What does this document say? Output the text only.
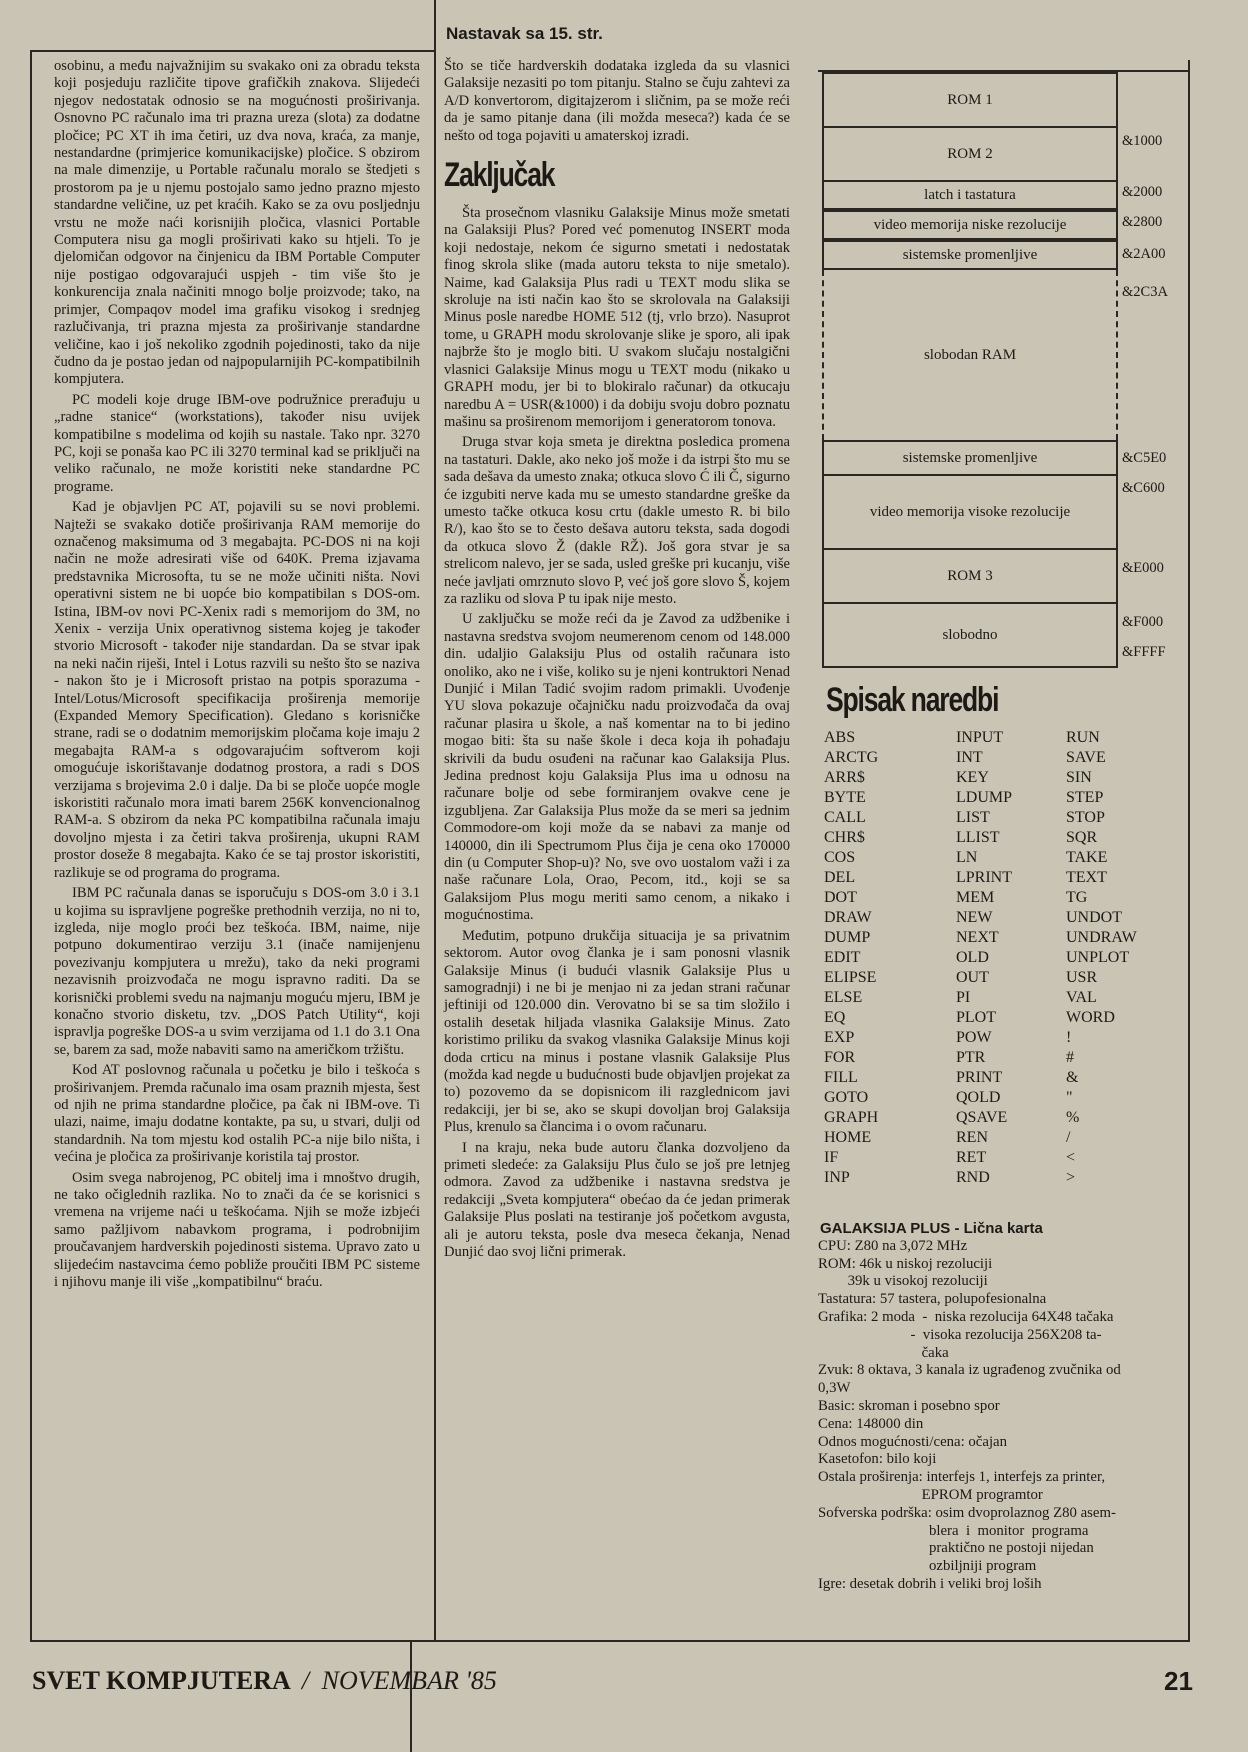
Nastavak sa 15. str.

osobinu, a među najvažnijim su svakako oni za obradu teksta koji posjeduju različite tipove grafičkih znakova. Slijedeći njegov nedostatak odnosio se na mogućnosti proširivanja. Osnovno PC računalo ima tri prazna ureza (slota) za dodatne pločice; PC XT ih ima četiri, uz dva nova, kraća, za manje, nestandardne (primjerice komunikacijske) pločice. S obzirom na male dimenzije, u Portable računalu moralo se štedjeti s prostorom pa je u njemu postojalo samo jedno prazno mjesto standardne veličine, uz pet kraćih. Kako se za ovu posljednju vrstu ne može naći korisnijih pločica, vlasnici Portable Computera nisu ga mogli proširivati kako su htjeli. To je djelomičan odgovor na činjenicu da IBM Portable Computer nije postigao odgovarajući uspjeh - tim više što je konkurencija znala načiniti mnogo bolje proizvode; tako, na primjer, Compaqov model ima grafiku visokog i srednjeg razlučivanja, tri prazna mjesta za proširivanje standardne veličine, kao i još nekoliko zgodnih pojedinosti, tako da nije čudno da je postao jedan od najpopularnijih PC-kompatibilnih kompjutera.

PC modeli koje druge IBM-ove podružnice prerađuju u „radne stanice“ (workstations), također nisu uvijek kompatibilne s modelima od kojih su nastale. Tako npr. 3270 PC, koji se ponaša kao PC ili 3270 terminal kad se priključi na veliko računalo, ne može koristiti neke standardne PC programe.

Kad je objavljen PC AT, pojavili su se novi problemi. Najteži se svakako dotiče proširivanja RAM memorije do označenog maksimuma od 3 megabajta. PC-DOS ni na koji način ne može adresirati više od 640K. Prema izjavama predstavnika Microsofta, tu se ne može učiniti ništa. Novi operativni sistem ne bi uopće bio kompatibilan s DOS-om. Istina, IBM-ov novi PC-Xenix radi s memorijom do 3M, no Xenix - verzija Unix operativnog sistema kojeg je također stvorio Microsoft - također nije standardan. Da se stvar ipak na neki način riješi, Intel i Lotus razvili su nešto što se naziva - nakon što je i Microsoft pristao na potpis sporazuma - Intel/Lotus/Microsoft specifikacija proširenja memorije (Expanded Memory Specification). Gledano s korisničke strane, radi se o dodatnim memorijskim pločama koje imaju 2 megabajta RAM-a s odgovarajućim softverom koji omogućuje iskorištavanje dodatnog prostora, a radi s DOS verzijama s brojevima 2.0 i dalje. Da bi se ploče uopće mogle iskoristiti računalo mora imati barem 256K konvencionalnog RAM-a. S obzirom da neka PC kompatibilna računala imaju dovoljno mjesta i za četiri takva proširenja, ukupni RAM prostor doseže 8 megabajta. Kako će se taj prostor iskoristiti, razlikuje se od programa do programa.

IBM PC računala danas se isporučuju s DOS-om 3.0 i 3.1 u kojima su ispravljene pogreške prethodnih verzija, no ni to, izgleda, nije moglo proći bez teškoća. IBM, naime, nije potpuno dokumentirao verziju 3.1 (inače namijenjenu povezivanju kompjutera u mrežu), tako da neki programi nezavisnih proizvođača ne mogu ispravno raditi. Da se korisnički problemi svedu na najmanju moguću mjeru, IBM je konačno stvorio disketu, tzv. „DOS Patch Utility“, koji ispravlja pogreške DOS-a u svim verzijama od 1.1 do 3.1 Ona se, barem za sad, može nabaviti samo na američkom tržištu.

Kod AT poslovnog računala u početku je bilo i teškoća s proširivanjem. Premda računalo ima osam praznih mjesta, šest od njih ne prima standardne pločice, pa čak ni IBM-ove. Ti ulazi, naime, imaju dodatne kontakte, pa su, u stvari, dulji od standardnih. Na tom mjestu kod ostalih PC-a nije bilo ništa, i većina je pločica za proširivanje koristila taj prostor.

Osim svega nabrojenog, PC obitelj ima i mnoštvo drugih, ne tako očiglednih razlika. No to znači da će se korisnici s vremena na vrijeme naći u teškoćama. Njih se može izbjeći samo pažljivom nabavkom programa, i podrobnijim proučavanjem hardverskih pojedinosti sistema. Upravo zato u slijedećim nastavcima ćemo pobliže proučiti IBM PC sisteme i njihovu manje ili više „kompatibilnu“ braću.

Što se tiče hardverskih dodataka izgleda da su vlasnici Galaksije nezasiti po tom pitanju. Stalno se čuju zahtevi za A/D konvertorom, digitajzerom i sličnim, pa se može reći da je samo pitanje dana (ili možda meseca?) kada će se nešto od toga pojaviti u amaterskoj izradi.

Zaključak

Šta prosečnom vlasniku Galaksije Minus može smetati na Galaksiji Plus? Pored već pomenutog INSERT moda koji nedostaje, nekom će sigurno smetati i nedostatak finog skrola slike (mada autoru teksta to nije smetalo). Naime, kad Galaksija Plus radi u TEXT modu slika se skroluje na isti način kao što se skrolovala na Galaksiji Minus posle naredbe HOME 512 (tj, vrlo brzo). Nasuprot tome, u GRAPH modu skrolovanje slike je sporo, ali ipak najbrže što je moglo biti. U svakom slučaju nostalgični vlasnici Galaksije Minus mogu u TEXT modu (nikako u GRAPH modu, jer bi to blokiralo računar) da otkucaju naredbu A = USR(&1000) i da dobiju svoju dobro poznatu mašinu sa proširenom memorijom i generatorom tonova.

Druga stvar koja smeta je direktna posledica promena na tastaturi. Dakle, ako neko još može i da istrpi što mu se sada dešava da umesto znaka; otkuca slovo Ć ili Č, sigurno će izgubiti nerve kada mu se umesto standardne greške da umesto tačke otkuca kosu crtu (dakle umesto R. bi bilo R/), kao što se to često dešava autoru teksta, sada dogodi da otkuca slovo Ž (dakle RŽ). Još gora stvar je sa strelicom nalevo, jer se sada, usled greške pri kucanju, više neće javljati omrznuto slovo P, već još gore slovo Š, kojem za razliku od slova P tu ipak nije mesto.

U zaključku se može reći da je Zavod za udžbenike i nastavna sredstva svojom neumerenom cenom od 148.000 din. udaljio Galaksiju Plus od ostalih računara isto onoliko, ako ne i više, koliko su je njeni kontruktori Nenad Dunjić i Milan Tadić svojim radom primakli. Uvođenje YU slova pokazuje očajničku nadu proizvođača da ovaj računar plasira u škole, a naš komentar na to bi jedino mogao biti: šta su naše škole i deca koja ih pohađaju skrivili da budu osuđeni na računar kao Galaksija Plus. Jedina prednost koju Galaksija Plus ima u odnosu na računare bolje od sebe formiranjem ovakve cene je izgubljena. Zar Galaksija Plus može da se meri sa jednim Commodore-om koji može da se nabavi za manje od 140000, din ili Spectrumom Plus čija je cena oko 170000 din (u Computer Shop-u)? No, sve ovo uostalom važi i za naše računare Lola, Orao, Pecom, itd., koji se sa Galaksijom Plus mogu meriti samo cenom, a nikako i mogućnostima.

Međutim, potpuno drukčija situacija je sa privatnim sektorom. Autor ovog članka je i sam ponosni vlasnik Galaksije Minus (i budući vlasnik Galaksije Plus u samogradnji) i ne bi je menjao ni za jedan strani računar jeftiniji od 120.000 din. Verovatno bi se sa tim složilo i ostalih desetak hiljada vlasnika Galaksije Minus. Zato koristimo priliku da svakog vlasnika Galaksije Minus koji doda crticu na minus i postane vlasnik Galaksije Plus (možda kad negde u budućnosti bude objavljen projekat za to) pozovemo da se dopisnicom ili razglednicom javi redakciji, jer bi se, ako se skupi dovoljan broj Galaksija Plus, krenulo sa člancima i o ovom računaru.

I na kraju, neka bude autoru članka dozvoljeno da primeti sledeće: za Galaksiju Plus čulo se još pre letnjeg odmora. Zavod za udžbenike i nastavna sredstva je redakciji „Sveta kompjutera“ obećao da će jedan primerak Galaksije Plus poslati na testiranje još početkom avgusta, ali je autoru teksta, posle dva meseca čekanja, Nenad Dunjić dao svoj lični primerak.

ROM 1
ROM 2
latch i tastatura
video memorija niske rezolucije
sistemske promenljive
slobodan RAM
sistemske promenljive
video memorija visoke rezolucije
ROM 3
slobodno
&1000
&2000
&2800
&2A00
&2C3A
&C5E0
&C600
&E000
&F000
&FFFF
Spisak naredbi
ABS
ARCTG
ARR$
BYTE
CALL
CHR$
COS
DEL
DOT
DRAW
DUMP
EDIT
ELIPSE
ELSE
EQ
EXP
FOR
FILL
GOTO
GRAPH
HOME
IF
INP
INPUT
INT
KEY
LDUMP
LIST
LLIST
LN
LPRINT
MEM
NEW
NEXT
OLD
OUT
PI
PLOT
POW
PTR
PRINT
QOLD
QSAVE
REN
RET
RND
RUN
SAVE
SIN
STEP
STOP
SQR
TAKE
TEXT
TG
UNDOT
UNDRAW
UNPLOT
USR
VAL
WORD
!
#
&
"
%
/
<
>
GALAKSIJA PLUS - Lična karta
CPU: Z80 na 3,072 MHz
ROM: 46k u niskoj rezoluciji
39k u visokoj rezoluciji
Tastatura: 57 tastera, polupofesionalna
Grafika: 2 moda  -  niska rezolucija 64X48 tačaka
-  visoka rezolucija 256X208 ta-
čaka
Zvuk: 8 oktava, 3 kanala iz ugrađenog zvučnika od
0,3W
Basic: skroman i posebno spor
Cena: 148000 din
Odnos mogućnosti/cena: očajan
Kasetofon: bilo koji
Ostala proširenja: interfejs 1, interfejs za printer,
EPROM programtor
Sofverska podrška: osim dvoprolaznog Z80 asem-
blera  i  monitor  programa
praktično ne postoji nijedan
ozbiljniji program
Igre: desetak dobrih i veliki broj loših
SVET KOMPJUTERA / NOVEMBAR '85	21
